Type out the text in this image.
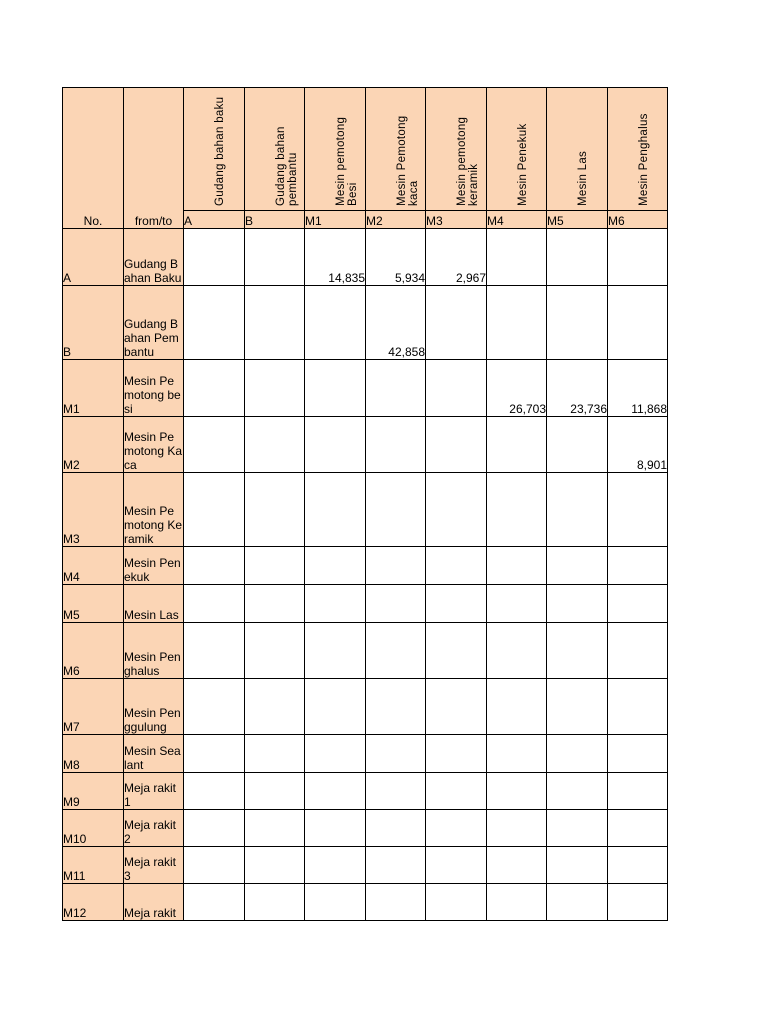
No.	from/to	Gudang bahan baku	Gudang bahan pembantu	Mesin pemotong Besi	Mesin Pemotong kaca	Mesin pemotong keramik	Mesin Penekuk	Mesin Las	Mesin Penghalus

		A	B	M1	M2	M3	M4	M5	M6
A	Gudang Bahan Baku			14,835	5,934	2,967			
B	Gudang Bahan Pembantu				42,858				
M1	Mesin Pemotong besi						26,703	23,736	11,868
M2	Mesin Pemotong Kaca								8,901
M3	Mesin Pemotong Keramik								

M4	Mesin Penekuk								

M5	Mesin Las								

M6	Mesin Penghalus								

M7	Mesin Penggulung								

M8	Mesin Sealant								

M9	Meja rakit 1								

M10	Meja rakit 2								

M11	Meja rakit 3								

M12	Meja rakit								
